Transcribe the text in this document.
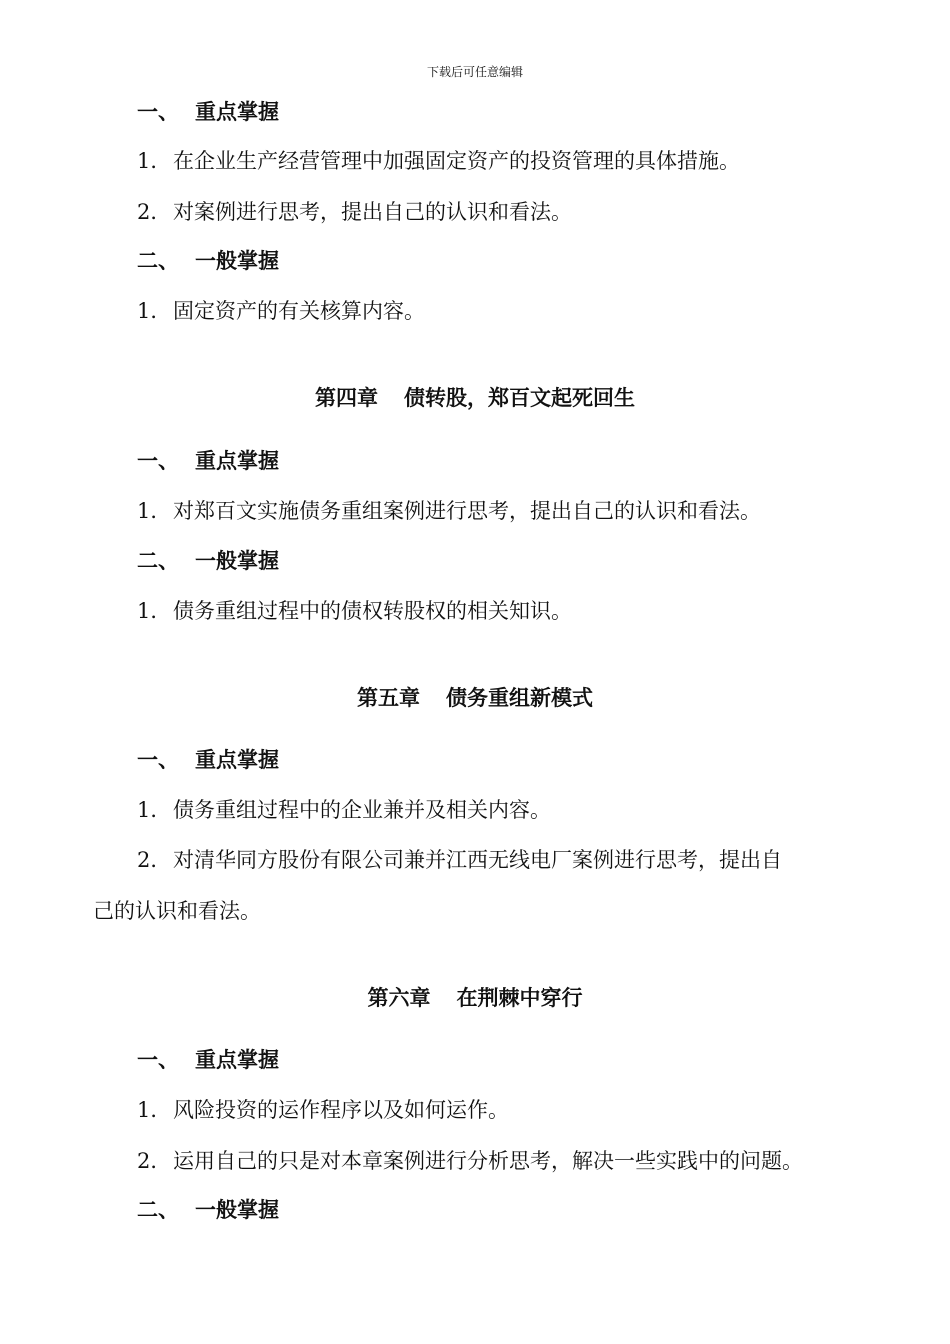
下载后可任意编辑
一、 重点掌握
1．在企业生产经营管理中加强固定资产的投资管理的具体措施。
2．对案例进行思考，提出自己的认识和看法。
二、 一般掌握
1．固定资产的有关核算内容。
第四章 债转股，郑百文起死回生
一、 重点掌握
1．对郑百文实施债务重组案例进行思考，提出自己的认识和看法。
二、 一般掌握
1．债务重组过程中的债权转股权的相关知识。
第五章 债务重组新模式
一、 重点掌握
1．债务重组过程中的企业兼并及相关内容。
2．对清华同方股份有限公司兼并江西无线电厂案例进行思考，提出自
己的认识和看法。
第六章 在荆棘中穿行
一、 重点掌握
1．风险投资的运作程序以及如何运作。
2．运用自己的只是对本章案例进行分析思考，解决一些实践中的问题。
二、 一般掌握
